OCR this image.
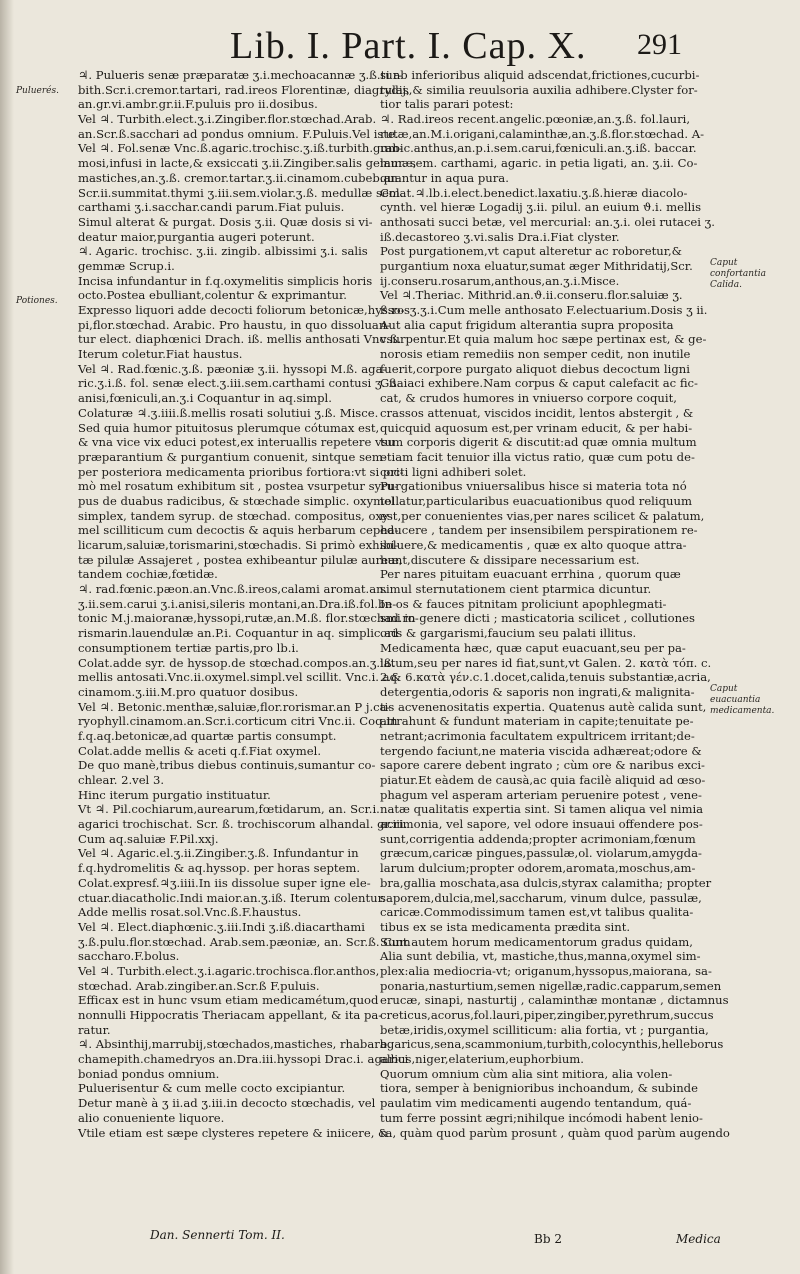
Lib. I. Part. I. Cap. X. 291
Puluerés.
Potiones.
Caput confortantia Calida.
Caput euacuantia medicamenta.
♃. Pulueris senæ præparatæ ʒ.i.mechoacannæ ʒ.ß.tur-
bith.Scr.i.cremor.tartari, rad.ireos Florentinæ, diagrydij,
an.gr.vi.ambr.gr.ii.F.puluis pro ii.dosibus.
Vel ♃. Turbith.elect.ʒ.i.Zingiber.flor.stœchad.Arab.
an.Scr.ß.sacchari ad pondus omnium. F.Puluis.Vel iste.
Vel ♃. Fol.senæ Vnc.ß.agaric.trochisc.ʒ.iß.turbith.gum-
mosi,infusi in lacte,& exsiccati ʒ.ii.Zingiber.salis gemmæ,
mastiches,an.ʒ.ß. cremor.tartar.ʒ.ii.cinamom.cubeb.an.
Scr.ii.summitat.thymi ʒ.iii.sem.violar.ʒ.ß. medullæ sem.
carthami ʒ.i.sacchar.candi parum.Fiat puluis.
Simul alterat & purgat. Dosis ʒ.ii. Quæ dosis si vi-
deatur maior,purgantia augeri poterunt.
♃. Agaric. trochisc. ʒ.ii. zingib. albissimi ʒ.i. salis
gemmæ Scrup.i.
Incisa infundantur in f.q.oxymelitis simplicis horis
octo.Postea ebulliant,colentur & exprimantur.
Expresso liquori adde decocti foliorum betonicæ,hysso-
pi,flor.stœchad. Arabic. Pro haustu, in quo dissoluan-
tur elect. diaphœnici Drach. iß. mellis anthosati Vnc.ß.
Iterum coletur.Fiat haustus.
Vel ♃. Rad.fœnic.ʒ.ß. pæoniæ ʒ.ii. hyssopi M.ß. aga-
ric.ʒ.i.ß. fol. senæ elect.ʒ.iii.sem.carthami contusi ʒ. ß.
anisi,fœniculi,an.ʒ.i Coquantur in aq.simpl.
Colaturæ ♃.ʒ.iiii.ß.mellis rosati solutiui ʒ.ß. Misce.
Sed quia humor pituitosus plerumque cótumax est,
& vna vice vix educi potest,ex interuallis repetere vsu
præparantium & purgantium conuenit, sintque sem-
per posteriora medicamenta prioribus fortiora:vt si pri-
mò mel rosatum exhibitum sit , postea vsurpetur syru-
pus de duabus radicibus, & stœchade simplic. oxymel
simplex, tandem syrup. de stœchad. compositus, oxy-
mel scilliticum cum decoctis & aquis herbarum cepha-
licarum,saluiæ,torismarini,stœchadis. Si primò exhibi-
tæ pilulæ Assajeret , postea exhibeantur pilulæ aureæ,
tandem cochiæ,fœtidæ.
♃. rad.fœnic.pæon.an.Vnc.ß.ireos,calami aromat.an.
ʒ.ii.sem.carui ʒ.i.anisi,sileris montani,an.Dra.iß.fol.be-
tonic M.j.maioranæ,hyssopi,rutæ,an.M.ß. flor.stœchad.ro-
rismarin.lauendulæ an.P.i. Coquantur in aq. simplic.ad
consumptionem tertiæ partis,pro lb.i.
Colat.adde syr. de hyssop.de stœchad.compos.an.ʒ.iß.
mellis antosati.Vnc.ii.oxymel.simpl.vel scillit. Vnc.i. aq.
cinamom.ʒ.iii.M.pro quatuor dosibus.
Vel ♃. Betonic.menthæ,saluiæ,flor.rorismar.an P j.ca-
ryophyll.cinamom.an.Scr.i.corticum citri Vnc.ii. Coq.in
f.q.aq.betonicæ,ad quartæ partis consumpt.
Colat.adde mellis & aceti q.f.Fiat oxymel.
De quo manè,tribus diebus continuis,sumantur co-
chlear. 2.vel 3.
Hinc iterum purgatio instituatur.
Vt ♃. Pil.cochiarum,aurearum,fœtidarum, an. Scr.i.
agarici trochischat. Scr. ß. trochiscorum alhandal. gr.iii.
Cum aq.saluiæ F.Pil.xxj.
Vel ♃. Agaric.el.ʒ.ii.Zingiber.ʒ.ß. Infundantur in
f.q.hydromelitis & aq.hyssop. per horas septem.
Colat.expresf.♃ʒ.iiii.In iis dissolue super igne ele-
ctuar.diacatholic.Indi maior.an.ʒ.iß. Iterum colentur.
Adde mellis rosat.sol.Vnc.ß.F.haustus.
Vel ♃. Elect.diaphœnic.ʒ.iii.Indi ʒ.iß.diacarthami
ʒ.ß.pulu.flor.stœchad. Arab.sem.pæoniæ, an. Scr.ß. Cum
saccharo.F.bolus.
Vel ♃. Turbith.elect.ʒ.i.agaric.trochisca.flor.anthos,
stœchad. Arab.zingiber.an.Scr.ß F.puluis.
Efficax est in hunc vsum etiam medicamétum,quod
nonnulli Hippocratis Theriacam appellant, & ita pa-
ratur.
♃. Absinthij,marrubij,stœchados,mastiches, rhabarb.
chamepith.chamedryos an.Dra.iii.hyssopi Drac.i. agarici
boniad pondus omnium.
Puluerisentur & cum melle cocto excipiantur.
Detur manè à ʒ ii.ad ʒ.iii.in decocto stœchadis, vel
alio conueniente liquore.
Vtile etiam est sæpe clysteres repetere & iniicere, &
si ab inferioribus aliquid adscendat,frictiones,cucurbi-
tulas,& similia reuulsoria auxilia adhibere.Clyster for-
tior talis parari potest:
♃. Rad.ireos recent.angelic.pœoniæ,an.ʒ.ß. fol.lauri,
rutæ,an.M.i.origani,calaminthæ,an.ʒ.ß.flor.stœchad. A-
rabic.anthus,an.p.i.sem.carui,fœniculi.an.ʒ.iß. baccar.
laur. sem. carthami, agaric. in petia ligati, an. ʒ.ii. Co-
quantur in aqua pura.
Colat.♃.lb.i.elect.benedict.laxatiu.ʒ.ß.hieræ diacolo-
cynth. vel hieræ Logadij ʒ.ii. pilul. an euium ϑ.i. mellis
anthosati succi betæ, vel mercurial: an.ʒ.i. olei rutacei ʒ.
iß.decastoreo ʒ.vi.salis Dra.i.Fiat clyster.
Post purgationem,vt caput alteretur ac roboretur,&
purgantium noxa eluatur,sumat æger Mithridatij,Scr.
ij.conseru.rosarum,anthous,an.ʒ.i.Misce.
Vel ♃.Theriac. Mithrid.an.ϑ.ii.conseru.flor.saluiæ ʒ.
ß.rosʒ.ʒ.i.Cum melle anthosato F.electuarium.Dosis ʒ ii.
Aut alia caput frigidum alterantia supra proposita
vsurpentur.Et quia malum hoc sæpe pertinax est, & ge-
norosis etiam remediis non semper cedit, non inutile
fuerit,corpore purgato aliquot diebus decoctum ligni
Guaiaci exhibere.Nam corpus & caput calefacit ac fic-
cat, & crudos humores in vniuerso corpore coquit,
crassos attenuat, viscidos incidit, lentos abstergit , &
quicquid aquosum est,per vrinam educit, & per habi-
tum corporis digerit & discutit:ad quæ omnia multum
etiam facit tenuior illa victus ratio, quæ cum potu de-
cocti ligni adhiberi solet.
Purgationibus vniuersalibus hisce si materia tota nó
tollatur,particularibus euacuationibus quod reliquum
est,per conuenientes vias,per nares scilicet & palatum,
educere , tandem per insensibilem perspirationem re-
soluere,& medicamentis , quæ ex alto quoque attra-
hunt,discutere & dissipare necessarium est.
Per nares pituitam euacuant errhina , quorum quæ
simul sternutationem cient ptarmica dicuntur.
In os & fauces pitnitam proliciunt apophlegmati-
smi in genere dicti ; masticatoria scilicet , collutiones
oris & gargarismi,faucium seu palati illitus.
Medicamenta hæc, quæ caput euacuant,seu per pa-
latum,seu per nares id fiat,sunt,vt Galen. 2. κατὰ τόπ. c.
2.& 6.κατὰ γέν.c.1.docet,calida,tenuis substantiæ,acria,
detergentia,odoris & saporis non ingrati,& malignita-
tis acvenenositatis expertia. Quatenus autè calida sunt,
attrahunt & fundunt materiam in capite;tenuitate pe-
netrant;acrimonia facultatem expultricem irritant;de-
tergendo faciunt,ne materia viscida adhæreat;odore &
sapore carere debent ingrato ; cùm ore & naribus exci-
piatur.Et eàdem de causà,ac quia facilè aliquid ad œso-
phagum vel asperam arteriam peruenire potest , vene-
natæ qualitatis expertia sint. Si tamen aliqua vel nimia
acrimonia, vel sapore, vel odore insuaui offendere pos-
sunt,corrigentia addenda;propter acrimoniam,fœnum
græcum,caricæ pingues,passulæ,ol. violarum,amygda-
larum dulcium;propter odorem,aromata,moschus,am-
bra,gallia moschata,asa dulcis,styrax calamitha; propter
saporem,dulcia,mel,saccharum, vinum dulce, passulæ,
caricæ.Commodissimum tamen est,vt talibus qualita-
tibus ex se ista medicamenta prædita sint.
Sunt autem horum medicamentorum gradus quidam,
Alia sunt debilia, vt, mastiche,thus,manna,oxymel sim-
plex:alia mediocria-vt; origanum,hyssopus,maiorana, sa-
ponaria,nasturtium,semen nigellæ,radic.capparum,semen
erucæ, sinapi, nasturtij , calaminthæ montanæ , dictamnus
creticus,acorus,fol.lauri,piper,zingiber,pyrethrum,succus
betæ,iridis,oxymel scilliticum: alia fortia, vt ; purgantia,
agaricus,sena,scammonium,turbith,colocynthis,helleborus
albus,niger,elaterium,euphorbium.
Quorum omnium cùm alia sint mitiora, alia volen-
tiora, semper à benignioribus inchoandum, & subinde
paulatim vim medicamenti augendo tentandum, quá-
tum ferre possint ægri;nihilque incómodi habent lenio-
ra, quàm quod parùm prosunt , quàm quod parùm augendo
Dan. Sennerti Tom. II.	Bb 2	Medica
